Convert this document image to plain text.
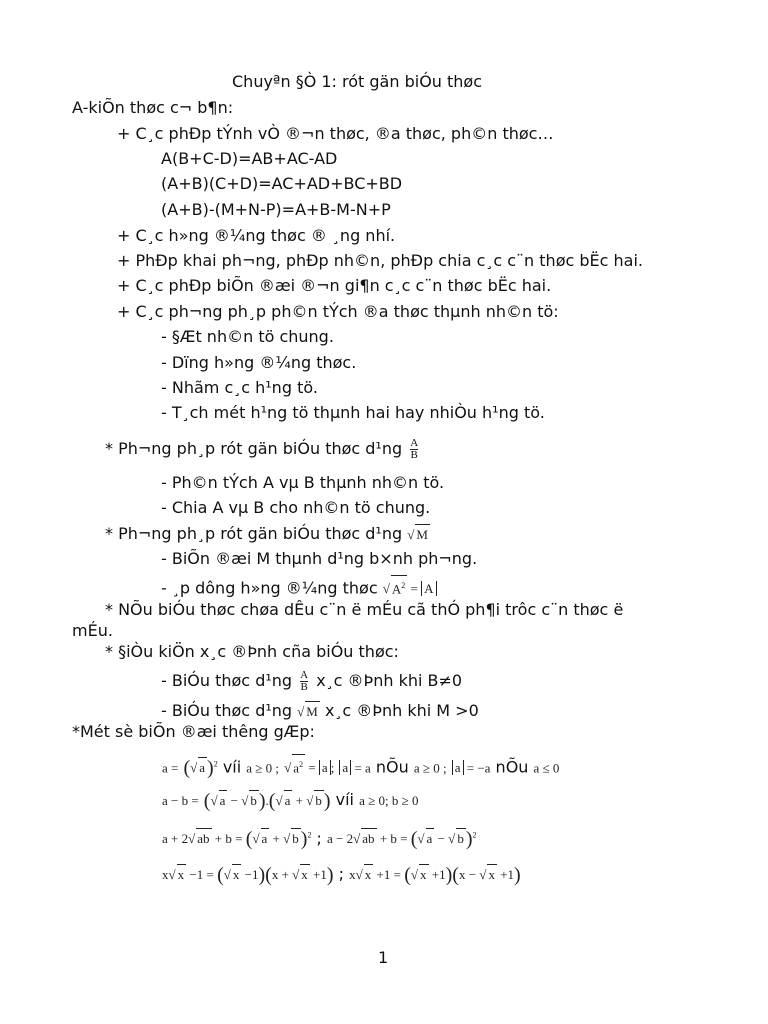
Chuyªn §Ò 1: rót gän biÓu thøc
A-kiÕn thøc c¬ b¶n:
+ C¸c phÐp tÝnh vÒ ®¬n thøc, ®a thøc, ph©n thøc…
A(B+C-D)=AB+AC-AD
(A+B)(C+D)=AC+AD+BC+BD
(A+B)-(M+N-P)=A+B-M-N+P
+ C¸c h»ng ®¼ng thøc ® ¸ng nhí.
+ PhÐp khai ph¬ng, phÐp nh©n, phÐp chia c¸c c¨n thøc bËc hai.
+ C¸c phÐp biÕn ®æi ®¬n gi¶n c¸c c¨n thøc bËc hai.
+ C¸c ph¬ng ph¸p ph©n tÝch ®a thøc thµnh nh©n tö:
- §Æt nh©n tö chung.
- Dïng h»ng ®¼ng thøc.
- Nhãm c¸c h¹ng tö.
- T¸ch mét h¹ng tö thµnh hai hay nhiÒu h¹ng tö.
* Ph¬ng ph¸p rót gän biÓu thøc $d^1ng \frac{A}{B}$
- Ph©n tÝch A vµ B thµnh nh©n tö.
- Chia A vµ B cho nh©n tö chung.
* Ph¬ng ph¸p rót gän biÓu thøc d¹ng √ M
- BiÕn ®æi M thµnh d¹ng b×nh ph¬ng.
- ¸p dông h»ng ®¼ng thøc √ $A^2 = A$
* NÕu biÓu thøc chøa dÊu c¨n ë mÉu cã thÓ ph¶i trôc c¨n thøc ë
mÉu.
* §iÒu kiÖn x¸c ®Þnh cña biÓu thøc:
- BiÓu thøc $d^1ng \frac{A}{B}$ x¸c ®Þnh khi B≠0
- BiÓu thøc d¹ng √ M x¸c ®Þnh khi M >0
*Mét sè biÕn ®æi thêng gÆp:
a = (√ a )$^2$ víi a ≥ 0 ; √ $a^2 = a$ ; a = a nÕu a ≥ 0 ; a = −a nÕu a ≤ 0
a − b = (√ a − √ b ).(√ a + √ b ) víi a ≥ 0; b ≥ 0
a + 2√ ab + b = (√ a + √ b )$^2$ ; a − 2√ ab + b = (√ a − √ b )$^2$
x√ x −1 = (√ x −1)(x + √ x +1) ; x√ x +1 = (√ x +1)(x − √ x +1)
1
